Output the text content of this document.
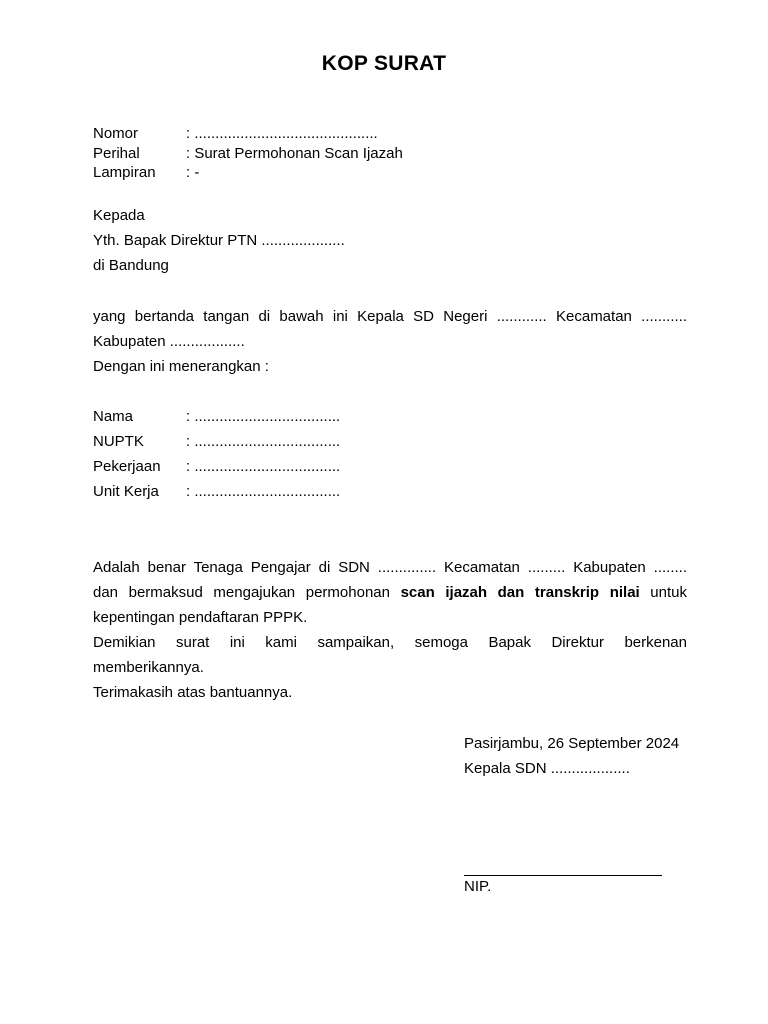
KOP SURAT
Nomor	: ............................................
Perihal	: Surat Permohonan Scan Ijazah
Lampiran	: -
Kepada
Yth. Bapak Direktur PTN ....................
di Bandung
yang bertanda tangan di bawah ini Kepala SD Negeri ............ Kecamatan ...........
Kabupaten ..................
Dengan ini menerangkan :
Nama	: ...................................
NUPTK	: ...................................
Pekerjaan	: ...................................
Unit Kerja	: ...................................
Adalah benar Tenaga Pengajar di SDN .............. Kecamatan ......... Kabupaten ........
dan bermaksud mengajukan permohonan scan ijazah dan transkrip nilai untuk
kepentingan pendaftaran PPPK.
Demikian surat ini kami sampaikan, semoga Bapak Direktur berkenan
memberikannya.
Terimakasih atas bantuannya.
Pasirjambu, 26 September 2024
Kepala SDN ...................
NIP.
